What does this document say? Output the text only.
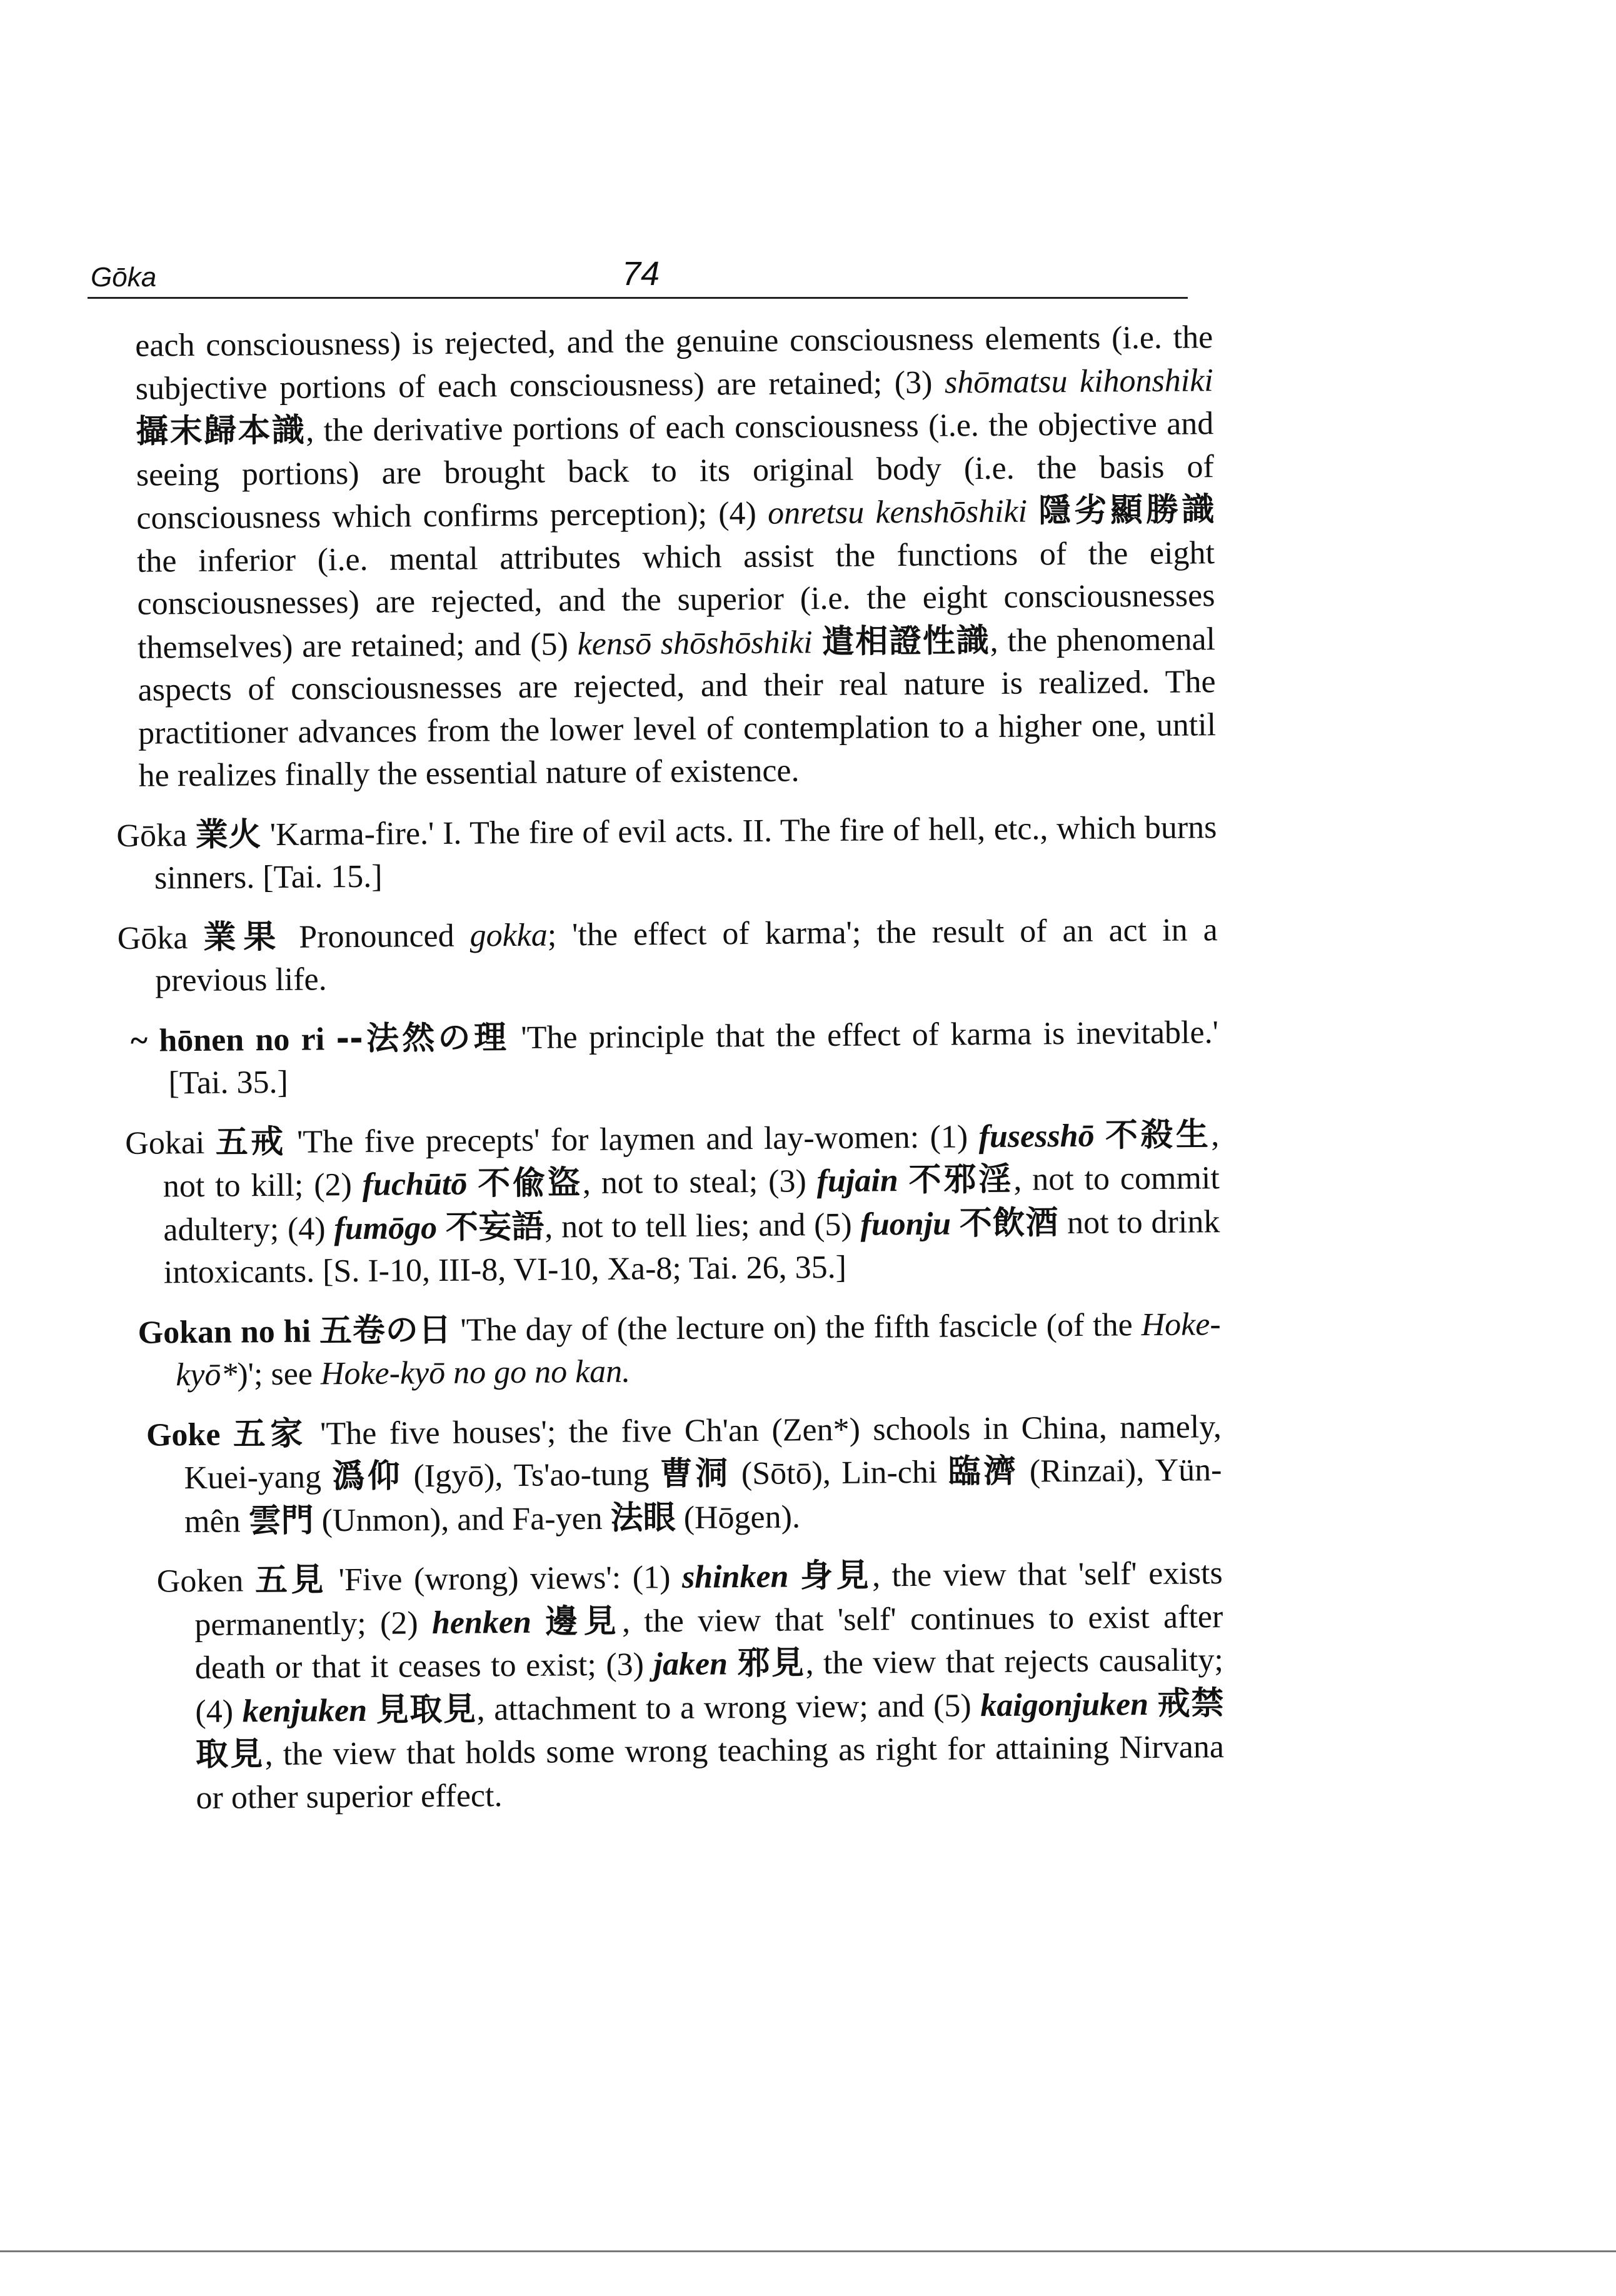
Gōka	74

each consciousness) is rejected, and the genuine consciousness elements (i.e. the subjective portions of each consciousness) are retained; (3) shōmatsu kihonshiki 攝末歸本識, the derivative portions of each consciousness (i.e. the objective and seeing portions) are brought back to its original body (i.e. the basis of consciousness which confirms perception); (4) onretsu kenshōshiki 隱劣顯勝識 the inferior (i.e. mental attributes which assist the functions of the eight consciousnesses) are rejected, and the superior (i.e. the eight consciousnesses themselves) are retained; and (5) kensō shōshōshiki 遣相證性識, the phenomenal aspects of consciousnesses are rejected, and their real nature is realized. The practitioner advances from the lower level of contemplation to a higher one, until he realizes finally the essential nature of existence.

Gōka 業火 'Karma-fire.' I. The fire of evil acts. II. The fire of hell, etc., which burns sinners. [Tai. 15.]

Gōka 業果 Pronounced gokka; 'the effect of karma'; the result of an act in a previous life.

~ hōnen no ri --法然の理 'The principle that the effect of karma is inevitable.' [Tai. 35.]

Gokai 五戒 'The five precepts' for laymen and lay-women: (1) fusesshō 不殺生, not to kill; (2) fuchūtō 不偸盜, not to steal; (3) fujain 不邪淫, not to commit adultery; (4) fumōgo 不妄語, not to tell lies; and (5) fuonju 不飲酒 not to drink intoxicants. [S. I-10, III-8, VI-10, Xa-8; Tai. 26, 35.]

Gokan no hi 五卷の日 'The day of (the lecture on) the fifth fascicle (of the Hoke-kyō*)'; see Hoke-kyō no go no kan.

Goke 五家 'The five houses'; the five Ch'an (Zen*) schools in China, namely, Kuei-yang 潙仰 (Igyō), Ts'ao-tung 曹洞 (Sōtō), Lin-chi 臨濟 (Rinzai), Yün-mên 雲門 (Unmon), and Fa-yen 法眼 (Hōgen).

Goken 五見 'Five (wrong) views': (1) shinken 身見, the view that 'self' exists permanently; (2) henken 邊見, the view that 'self' continues to exist after death or that it ceases to exist; (3) jaken 邪見, the view that rejects causality; (4) kenjuken 見取見, attachment to a wrong view; and (5) kaigonjuken 戒禁取見, the view that holds some wrong teaching as right for attaining Nirvana or other superior effect.
